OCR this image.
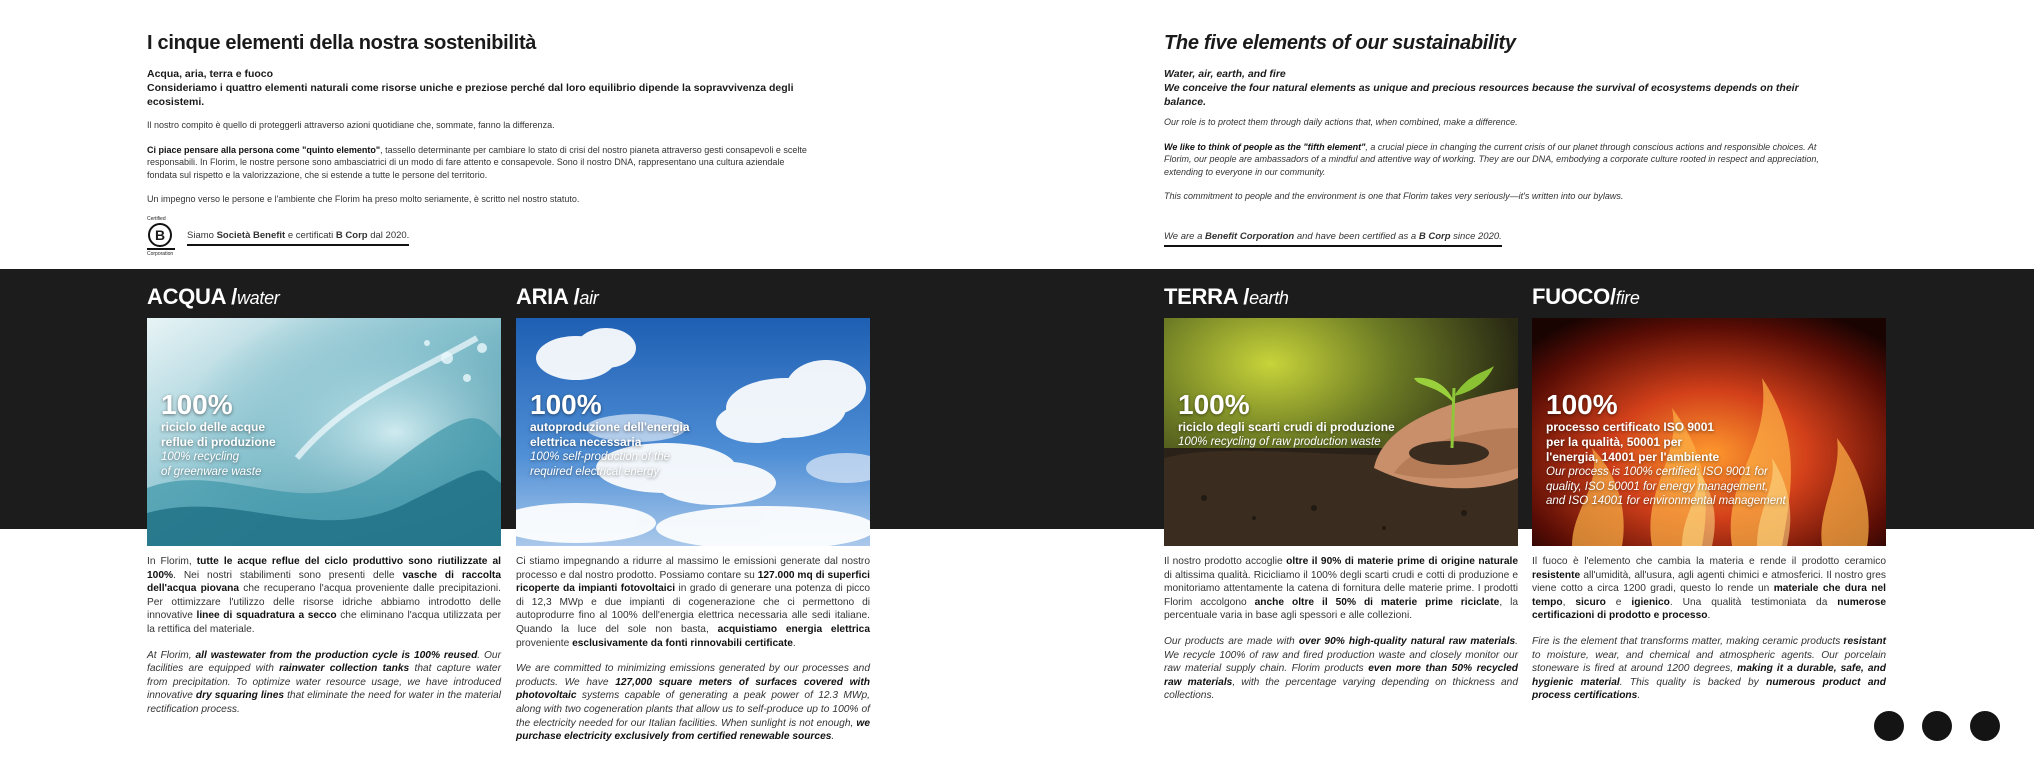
I cinque elementi della nostra sostenibilità
Acqua, aria, terra e fuoco
Consideriamo i quattro elementi naturali come risorse uniche e preziose perché dal loro equilibrio dipende la sopravvivenza degli ecosistemi.
Il nostro compito è quello di proteggerli attraverso azioni quotidiane che, sommate, fanno la differenza.
Ci piace pensare alla persona come "quinto elemento", tassello determinante per cambiare lo stato di crisi del nostro pianeta attraverso gesti consapevoli e scelte responsabili. In Florim, le nostre persone sono ambasciatrici di un modo di fare attento e consapevole. Sono il nostro DNA, rappresentano una cultura aziendale fondata sul rispetto e la valorizzazione, che si estende a tutte le persone del territorio.
Un impegno verso le persone e l'ambiente che Florim ha preso molto seriamente, è scritto nel nostro statuto.
Certified
B
Corporation
Siamo Società Benefit e certificati B Corp dal 2020.
The five elements of our sustainability
Water, air, earth, and fire
We conceive the four natural elements as unique and precious resources because the survival of ecosystems depends on their balance.
Our role is to protect them through daily actions that, when combined, make a difference.
We like to think of people as the "fifth element", a crucial piece in changing the current crisis of our planet through conscious actions and responsible choices. At Florim, our people are ambassadors of a mindful and attentive way of working. They are our DNA, embodying a corporate culture rooted in respect and appreciation, extending to everyone in our community.
This commitment to people and the environment is one that Florim takes very seriously—it's written into our bylaws.
We are a Benefit Corporation and have been certified as a B Corp since 2020.
ACQUA /water
100%
riciclo delle acque
reflue di produzione
100% recycling
of greenware waste
In Florim, tutte le acque reflue del ciclo produttivo sono riutilizzate al 100%. Nei nostri stabilimenti sono presenti delle vasche di raccolta dell'acqua piovana che recuperano l'acqua proveniente dalle precipitazioni. Per ottimizzare l'utilizzo delle risorse idriche abbiamo introdotto delle innovative linee di squadratura a secco che eliminano l'acqua utilizzata per la rettifica del materiale.
At Florim, all wastewater from the production cycle is 100% reused. Our facilities are equipped with rainwater collection tanks that capture water from precipitation. To optimize water resource usage, we have introduced innovative dry squaring lines that eliminate the need for water in the material rectification process.
ARIA /air
100%
autoproduzione dell'energia
elettrica necessaria
100% self-production of the
required electrical energy
Ci stiamo impegnando a ridurre al massimo le emissioni generate dal nostro processo e dal nostro prodotto. Possiamo contare su 127.000 mq di superfici ricoperte da impianti fotovoltaici in grado di generare una potenza di picco di 12,3 MWp e due impianti di cogenerazione che ci permettono di autoprodurre fino al 100% dell'energia elettrica necessaria alle sedi italiane. Quando la luce del sole non basta, acquistiamo energia elettrica proveniente esclusivamente da fonti rinnovabili certificate.
We are committed to minimizing emissions generated by our processes and products. We have 127,000 square meters of surfaces covered with photovoltaic systems capable of generating a peak power of 12.3 MWp, along with two cogeneration plants that allow us to self-produce up to 100% of the electricity needed for our Italian facilities. When sunlight is not enough, we purchase electricity exclusively from certified renewable sources.
TERRA /earth
100%
riciclo degli scarti crudi di produzione
100% recycling of raw production waste
Il nostro prodotto accoglie oltre il 90% di materie prime di origine naturale di altissima qualità. Ricicliamo il 100% degli scarti crudi e cotti di produzione e monitoriamo attentamente la catena di fornitura delle materie prime. I prodotti Florim accolgono anche oltre il 50% di materie prime riciclate, la percentuale varia in base agli spessori e alle collezioni.
Our products are made with over 90% high-quality natural raw materials. We recycle 100% of raw and fired production waste and closely monitor our raw material supply chain. Florim products even more than 50% recycled raw materials, with the percentage varying depending on thickness and collections.
FUOCO/fire
100%
processo certificato ISO 9001
per la qualità, 50001 per
l'energia, 14001 per l'ambiente
Our process is 100% certified: ISO 9001 for
quality, ISO 50001 for energy management,
and ISO 14001 for environmental management
Il fuoco è l'elemento che cambia la materia e rende il prodotto ceramico resistente all'umidità, all'usura, agli agenti chimici e atmosferici. Il nostro gres viene cotto a circa 1200 gradi, questo lo rende un materiale che dura nel tempo, sicuro e igienico. Una qualità testimoniata da numerose certificazioni di prodotto e processo.
Fire is the element that transforms matter, making ceramic products resistant to moisture, wear, and chemical and atmospheric agents. Our porcelain stoneware is fired at around 1200 degrees, making it a durable, safe, and hygienic material. This quality is backed by numerous product and process certifications.
